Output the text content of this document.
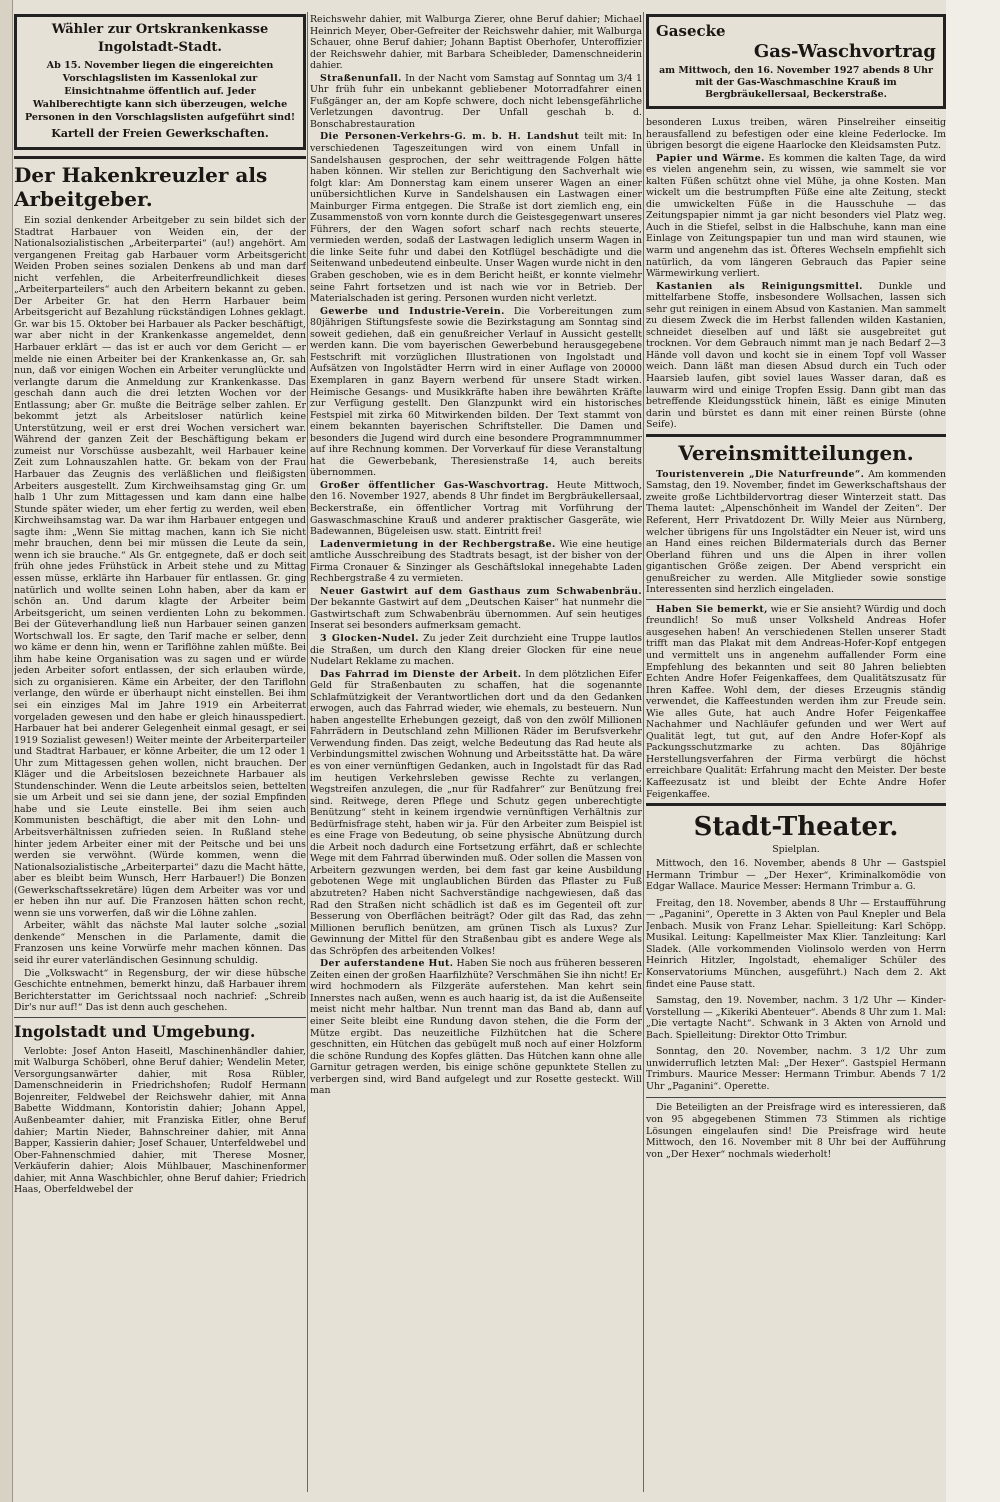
Wähler zur Ortskrankenkasse Ingolstadt-Stadt.
Ab 15. November liegen die eingereichten Vorschlagslisten im Kassenlokal zur Einsichtnahme öffentlich auf. Jeder Wahlberechtigte kann sich überzeugen, welche Personen in den Vorschlagslisten aufgeführt sind!
Kartell der Freien Gewerkschaften.
Der Hakenkreuzler als Arbeitgeber.

Ein sozial denkender Arbeitgeber zu sein bildet sich der Stadtrat Harbauer von Weiden ein, der der Nationalsozialistischen „Arbeiterpartei“ (au!) angehört. Am vergangenen Freitag gab Harbauer vorm Arbeitsgericht Weiden Proben seines sozialen Denkens ab und man darf nicht verfehlen, die Arbeiterfreundlichkeit dieses „Arbeiterparteilers“ auch den Arbeitern bekannt zu geben. Der Arbeiter Gr. hat den Herrn Harbauer beim Arbeitsgericht auf Bezahlung rückständigen Lohnes geklagt. Gr. war bis 15. Oktober bei Harbauer als Packer beschäftigt, war aber nicht in der Krankenkasse angemeldet, denn Harbauer erklärt — das ist er auch vor dem Gericht — er melde nie einen Arbeiter bei der Krankenkasse an, Gr. sah nun, daß vor einigen Wochen ein Arbeiter verunglückte und verlangte darum die Anmeldung zur Krankenkasse. Das geschah dann auch die drei letzten Wochen vor der Entlassung; aber Gr. mußte die Beiträge selber zahlen. Er bekommt jetzt als Arbeitsloser natürlich keine Unterstützung, weil er erst drei Wochen versichert war. Während der ganzen Zeit der Beschäftigung bekam er zumeist nur Vorschüsse ausbezahlt, weil Harbauer keine Zeit zum Lohnauszahlen hatte. Gr. bekam von der Frau Harbauer das Zeugnis des verläßlichen und fleißigsten Arbeiters ausgestellt. Zum Kirchweihsamstag ging Gr. um halb 1 Uhr zum Mittagessen und kam dann eine halbe Stunde später wieder, um eher fertig zu werden, weil eben Kirchweihsamstag war. Da war ihm Harbauer entgegen und sagte ihm: „Wenn Sie mittag machen, kann ich Sie nicht mehr brauchen, denn bei mir müssen die Leute da sein, wenn ich sie brauche.“ Als Gr. entgegnete, daß er doch seit früh ohne jedes Frühstück in Arbeit stehe und zu Mittag essen müsse, erklärte ihn Harbauer für entlassen. Gr. ging natürlich und wollte seinen Lohn haben, aber da kam er schön an. Und darum klagte der Arbeiter beim Arbeitsgericht, um seinen verdienten Lohn zu bekommen. Bei der Güteverhandlung ließ nun Harbauer seinen ganzen Wortschwall los. Er sagte, den Tarif mache er selber, denn wo käme er denn hin, wenn er Tariflöhne zahlen müßte. Bei ihm habe keine Organisation was zu sagen und er würde jeden Arbeiter sofort entlassen, der sich erlauben würde, sich zu organisieren. Käme ein Arbeiter, der den Tariflohn verlange, den würde er überhaupt nicht einstellen. Bei ihm sei ein einziges Mal im Jahre 1919 ein Arbeiterrat vorgeladen gewesen und den habe er gleich hinausspediert. Harbauer hat bei anderer Gelegenheit einmal gesagt, er sei 1919 Sozialist gewesen!) Weiter meinte der Arbeiterparteiler und Stadtrat Harbauer, er könne Arbeiter, die um 12 oder 1 Uhr zum Mittagessen gehen wollen, nicht brauchen. Der Kläger und die Arbeitslosen bezeichnete Harbauer als Stundenschinder. Wenn die Leute arbeitslos seien, bettelten sie um Arbeit und sei sie dann jene, der sozial Empfinden habe und sie Leute einstelle. Bei ihm seien auch Kommunisten beschäftigt, die aber mit den Lohn- und Arbeitsverhältnissen zufrieden seien. In Rußland stehe hinter jedem Arbeiter einer mit der Peitsche und bei uns werden sie verwöhnt. (Würde kommen, wenn die Nationalsozialistische „Arbeiterpartei“ dazu die Macht hätte, aber es bleibt beim Wunsch, Herr Harbauer!) Die Bonzen (Gewerkschaftssekretäre) lügen dem Arbeiter was vor und er heben ihn nur auf. Die Franzosen hätten schon recht, wenn sie uns vorwerfen, daß wir die Löhne zahlen.

Arbeiter, wählt das nächste Mal lauter solche „sozial denkende“ Menschen in die Parlamente, damit die Franzosen uns keine Vorwürfe mehr machen können. Das seid ihr eurer vaterländischen Gesinnung schuldig.

Die „Volkswacht“ in Regensburg, der wir diese hübsche Geschichte entnehmen, bemerkt hinzu, daß Harbauer ihrem Berichterstatter im Gerichtssaal noch nachrief: „Schreib Dir's nur auf!“ Das ist denn auch geschehen.

Ingolstadt und Umgebung.

Verlobte: Josef Anton Haseitl, Maschinenhändler dahier, mit Walburga Schöberl, ohne Beruf dahier; Wendelin Meter, Versorgungsanwärter dahier, mit Rosa Rübler, Damenschneiderin in Friedrichshofen; Rudolf Hermann Bojenreiter, Feldwebel der Reichswehr dahier, mit Anna Babette Widdmann, Kontoristin dahier; Johann Appel, Außenbeamter dahier, mit Franziska Eitler, ohne Beruf dahier; Martin Nieder, Bahnschreiner dahier, mit Anna Bapper, Kassierin dahier; Josef Schauer, Unterfeldwebel und Ober-Fahnenschmied dahier, mit Therese Mosner, Verkäuferin dahier; Alois Mühlbauer, Maschinenformer dahier, mit Anna Waschbichler, ohne Beruf dahier; Friedrich Haas, Oberfeldwebel der

Reichswehr dahier, mit Walburga Zierer, ohne Beruf dahier; Michael Heinrich Meyer, Ober-Gefreiter der Reichswehr dahier, mit Walburga Schauer, ohne Beruf dahier; Johann Baptist Oberhofer, Unteroffizier der Reichswehr dahier, mit Barbara Scheibleder, Damenschneiderin dahier.

Straßenunfall. In der Nacht vom Samstag auf Sonntag um 3/4 1 Uhr früh fuhr ein unbekannt gebliebener Motorradfahrer einen Fußgänger an, der am Kopfe schwere, doch nicht lebensgefährliche Verletzungen davontrug. Der Unfall geschah b. d. Bonschabrestauration

Die Personen-Verkehrs-G. m. b. H. Landshut teilt mit: In verschiedenen Tageszeitungen wird von einem Unfall in Sandelshausen gesprochen, der sehr weittragende Folgen hätte haben können. Wir stellen zur Berichtigung den Sachverhalt wie folgt klar: Am Donnerstag kam einem unserer Wagen an einer unübersichtlichen Kurve in Sandelshausen ein Lastwagen einer Mainburger Firma entgegen. Die Straße ist dort ziemlich eng, ein Zusammenstoß von vorn konnte durch die Geistesgegenwart unseres Führers, der den Wagen sofort scharf nach rechts steuerte, vermieden werden, sodaß der Lastwagen lediglich unserm Wagen in die linke Seite fuhr und dabei den Kotflügel beschädigte und die Seitenwand unbedeutend einbeulte. Unser Wagen wurde nicht in den Graben geschoben, wie es in dem Bericht heißt, er konnte vielmehr seine Fahrt fortsetzen und ist nach wie vor in Betrieb. Der Materialschaden ist gering. Personen wurden nicht verletzt.

Gewerbe und Industrie-Verein. Die Vorbereitungen zum 80jährigen Stiftungsfeste sowie die Bezirkstagung am Sonntag sind soweit gediehen, daß ein genußreicher Verlauf in Aussicht gestellt werden kann. Die vom bayerischen Gewerbebund herausgegebene Festschrift mit vorzüglichen Illustrationen von Ingolstadt und Aufsätzen von Ingolstädter Herrn wird in einer Auflage von 20000 Exemplaren in ganz Bayern werbend für unsere Stadt wirken. Heimische Gesangs- und Musikkräfte haben ihre bewährten Kräfte zur Verfügung gestellt. Den Glanzpunkt wird ein historisches Festspiel mit zirka 60 Mitwirkenden bilden. Der Text stammt von einem bekannten bayerischen Schriftsteller. Die Damen und besonders die Jugend wird durch eine besondere Programmnummer auf ihre Rechnung kommen. Der Vorverkauf für diese Veranstaltung hat die Gewerbebank, Theresienstraße 14, auch bereits übernommen.

Großer öffentlicher Gas-Waschvortrag. Heute Mittwoch, den 16. November 1927, abends 8 Uhr findet im Bergbräukellersaal, Beckerstraße, ein öffentlicher Vortrag mit Vorführung der Gaswaschmaschine Krauß und anderer praktischer Gasgeräte, wie Badewannen, Bügeleisen usw. statt. Eintritt frei!

Ladenvermietung in der Rechbergstraße. Wie eine heutige amtliche Ausschreibung des Stadtrats besagt, ist der bisher von der Firma Cronauer & Sinzinger als Geschäftslokal innegehabte Laden Rechbergstraße 4 zu vermieten.

Neuer Gastwirt auf dem Gasthaus zum Schwabenbräu. Der bekannte Gastwirt auf dem „Deutschen Kaiser“ hat nunmehr die Gastwirtschaft zum Schwabenbräu übernommen. Auf sein heutiges Inserat sei besonders aufmerksam gemacht.

3 Glocken-Nudel. Zu jeder Zeit durchzieht eine Truppe lautlos die Straßen, um durch den Klang dreier Glocken für eine neue Nudelart Reklame zu machen.

Das Fahrrad im Dienste der Arbeit. In dem plötzlichen Eifer Geld für Straßenbauten zu schaffen, hat die sogenannte Schlafmützigkeit der Verantwortlichen dort und da den Gedanken erwogen, auch das Fahrrad wieder, wie ehemals, zu besteuern. Nun haben angestellte Erhebungen gezeigt, daß von den zwölf Millionen Fahrrädern in Deutschland zehn Millionen Räder im Berufsverkehr Verwendung finden. Das zeigt, welche Bedeutung das Rad heute als Verbindungsmittel zwischen Wohnung und Arbeitsstätte hat. Da wäre es von einer vernünftigen Gedanken, auch in Ingolstadt für das Rad im heutigen Verkehrsleben gewisse Rechte zu verlangen, Wegstreifen anzulegen, die „nur für Radfahrer“ zur Benützung frei sind. Reitwege, deren Pflege und Schutz gegen unberechtigte Benützung“ steht in keinem irgendwie vernünftigen Verhältnis zur Bedürfnisfrage steht, haben wir ja. Für den Arbeiter zum Beispiel ist es eine Frage von Bedeutung, ob seine physische Abnützung durch die Arbeit noch dadurch eine Fortsetzung erfährt, daß er schlechte Wege mit dem Fahrrad überwinden muß. Oder sollen die Massen von Arbeitern gezwungen werden, bei dem fast gar keine Ausbildung gebotenen Wege mit unglaublichen Bürden das Pflaster zu Fuß abzutreten? Haben nicht Sachverständige nachgewiesen, daß das Rad den Straßen nicht schädlich ist daß es im Gegenteil oft zur Besserung von Oberflächen beiträgt? Oder gilt das Rad, das zehn Millionen beruflich benützen, am grünen Tisch als Luxus? Zur Gewinnung der Mittel für den Straßenbau gibt es andere Wege als das Schröpfen des arbeitenden Volkes!

Der auferstandene Hut. Haben Sie noch aus früheren besseren Zeiten einen der großen Haarfilzhüte? Verschmähen Sie ihn nicht! Er wird hochmodern als Filzgeräte auferstehen. Man kehrt sein Innerstes nach außen, wenn es auch haarig ist, da ist die Außenseite meist nicht mehr haltbar. Nun trennt man das Band ab, dann auf einer Seite bleibt eine Rundung davon stehen, die die Form der Mütze ergibt. Das neuzeitliche Filzhütchen hat die Schere geschnitten, ein Hütchen das gebügelt muß noch auf einer Holzform die schöne Rundung des Kopfes glätten. Das Hütchen kann ohne alle Garnitur getragen werden, bis einige schöne gepunktete Stellen zu verbergen sind, wird Band aufgelegt und zur Rosette gesteckt. Will man

Gasecke
Gas-Waschvortrag
am Mittwoch, den 16. November 1927 abends 8 Uhr mit der Gas-Waschmaschine Krauß im Bergbräukellersaal, Beckerstraße.

besonderen Luxus treiben, wären Pinselreiher einseitig herausfallend zu befestigen oder eine kleine Federlocke. Im übrigen besorgt die eigene Haarlocke den Kleidsamsten Putz.

Papier und Wärme. Es kommen die kalten Tage, da wird es vielen angenehm sein, zu wissen, wie sammelt sie vor kalten Füßen schützt ohne viel Mühe, ja ohne Kosten. Man wickelt um die bestrumpften Füße eine alte Zeitung, steckt die umwickelten Füße in die Hausschuhe — das Zeitungspapier nimmt ja gar nicht besonders viel Platz weg. Auch in die Stiefel, selbst in die Halbschuhe, kann man eine Einlage von Zeitungspapier tun und man wird staunen, wie warm und angenehm das ist. Öfteres Wechseln empfiehlt sich natürlich, da vom längeren Gebrauch das Papier seine Wärmewirkung verliert.

Kastanien als Reinigungsmittel. Dunkle und mittelfarbene Stoffe, insbesondere Wollsachen, lassen sich sehr gut reinigen in einem Absud von Kastanien. Man sammelt zu diesem Zweck die im Herbst fallenden wilden Kastanien, schneidet dieselben auf und läßt sie ausgebreitet gut trocknen. Vor dem Gebrauch nimmt man je nach Bedarf 2—3 Hände voll davon und kocht sie in einem Topf voll Wasser weich. Dann läßt man diesen Absud durch ein Tuch oder Haarsieb laufen, gibt soviel laues Wasser daran, daß es lauwarm wird und einige Tropfen Essig. Dann gibt man das betreffende Kleidungsstück hinein, läßt es einige Minuten darin und bürstet es dann mit einer reinen Bürste (ohne Seife).

Vereinsmitteilungen.

Touristenverein „Die Naturfreunde“. Am kommenden Samstag, den 19. November, findet im Gewerkschaftshaus der zweite große Lichtbildervortrag dieser Winterzeit statt. Das Thema lautet: „Alpenschönheit im Wandel der Zeiten“. Der Referent, Herr Privatdozent Dr. Willy Meier aus Nürnberg, welcher übrigens für uns Ingolstädter ein Neuer ist, wird uns an Hand eines reichen Bildermaterials durch das Berner Oberland führen und uns die Alpen in ihrer vollen gigantischen Größe zeigen. Der Abend verspricht ein genußreicher zu werden. Alle Mitglieder sowie sonstige Interessenten sind herzlich eingeladen.

Haben Sie bemerkt, wie er Sie ansieht? Würdig und doch freundlich! So muß unser Volksheld Andreas Hofer ausgesehen haben! An verschiedenen Stellen unserer Stadt trifft man das Plakat mit dem Andreas-Hofer-Kopf entgegen und vermittelt uns in angenehm auffallender Form eine Empfehlung des bekannten und seit 80 Jahren beliebten Echten Andre Hofer Feigenkaffees, dem Qualitätszusatz für Ihren Kaffee. Wohl dem, der dieses Erzeugnis ständig verwendet, die Kaffeestunden werden ihm zur Freude sein. Wie alles Gute, hat auch Andre Hofer Feigenkaffee Nachahmer und Nachläufer gefunden und wer Wert auf Qualität legt, tut gut, auf den Andre Hofer-Kopf als Packungsschutzmarke zu achten. Das 80jährige Herstellungsverfahren der Firma verbürgt die höchst erreichbare Qualität: Erfahrung macht den Meister. Der beste Kaffeezusatz ist und bleibt der Echte Andre Hofer Feigenkaffee.

Stadt-Theater.
Spielplan.

Mittwoch, den 16. November, abends 8 Uhr — Gastspiel Hermann Trimbur — „Der Hexer“, Kriminalkomödie von Edgar Wallace. Maurice Messer: Hermann Trimbur a. G.

Freitag, den 18. November, abends 8 Uhr — Erstaufführung — „Paganini“, Operette in 3 Akten von Paul Knepler und Bela Jenbach. Musik von Franz Lehar. Spielleitung: Karl Schöpp. Musikal. Leitung: Kapellmeister Max Klier. Tanzleitung: Karl Sladek. (Alle vorkommenden Violinsolo werden von Herrn Heinrich Hitzler, Ingolstadt, ehemaliger Schüler des Konservatoriums München, ausgeführt.) Nach dem 2. Akt findet eine Pause statt.

Samstag, den 19. November, nachm. 3 1/2 Uhr — Kinder-Vorstellung — „Kikeriki Abenteuer“. Abends 8 Uhr zum 1. Mal: „Die vertagte Nacht“. Schwank in 3 Akten von Arnold und Bach. Spielleitung: Direktor Otto Trimbur.

Sonntag, den 20. November, nachm. 3 1/2 Uhr zum unwiderruflich letzten Mal: „Der Hexer“. Gastspiel Hermann Trimburs. Maurice Messer: Hermann Trimbur. Abends 7 1/2 Uhr „Paganini“. Operette.

Die Beteiligten an der Preisfrage wird es interessieren, daß von 95 abgegebenen Stimmen 73 Stimmen als richtige Lösungen eingelaufen sind! Die Preisfrage wird heute Mittwoch, den 16. November mit 8 Uhr bei der Aufführung von „Der Hexer“ nochmals wiederholt!
